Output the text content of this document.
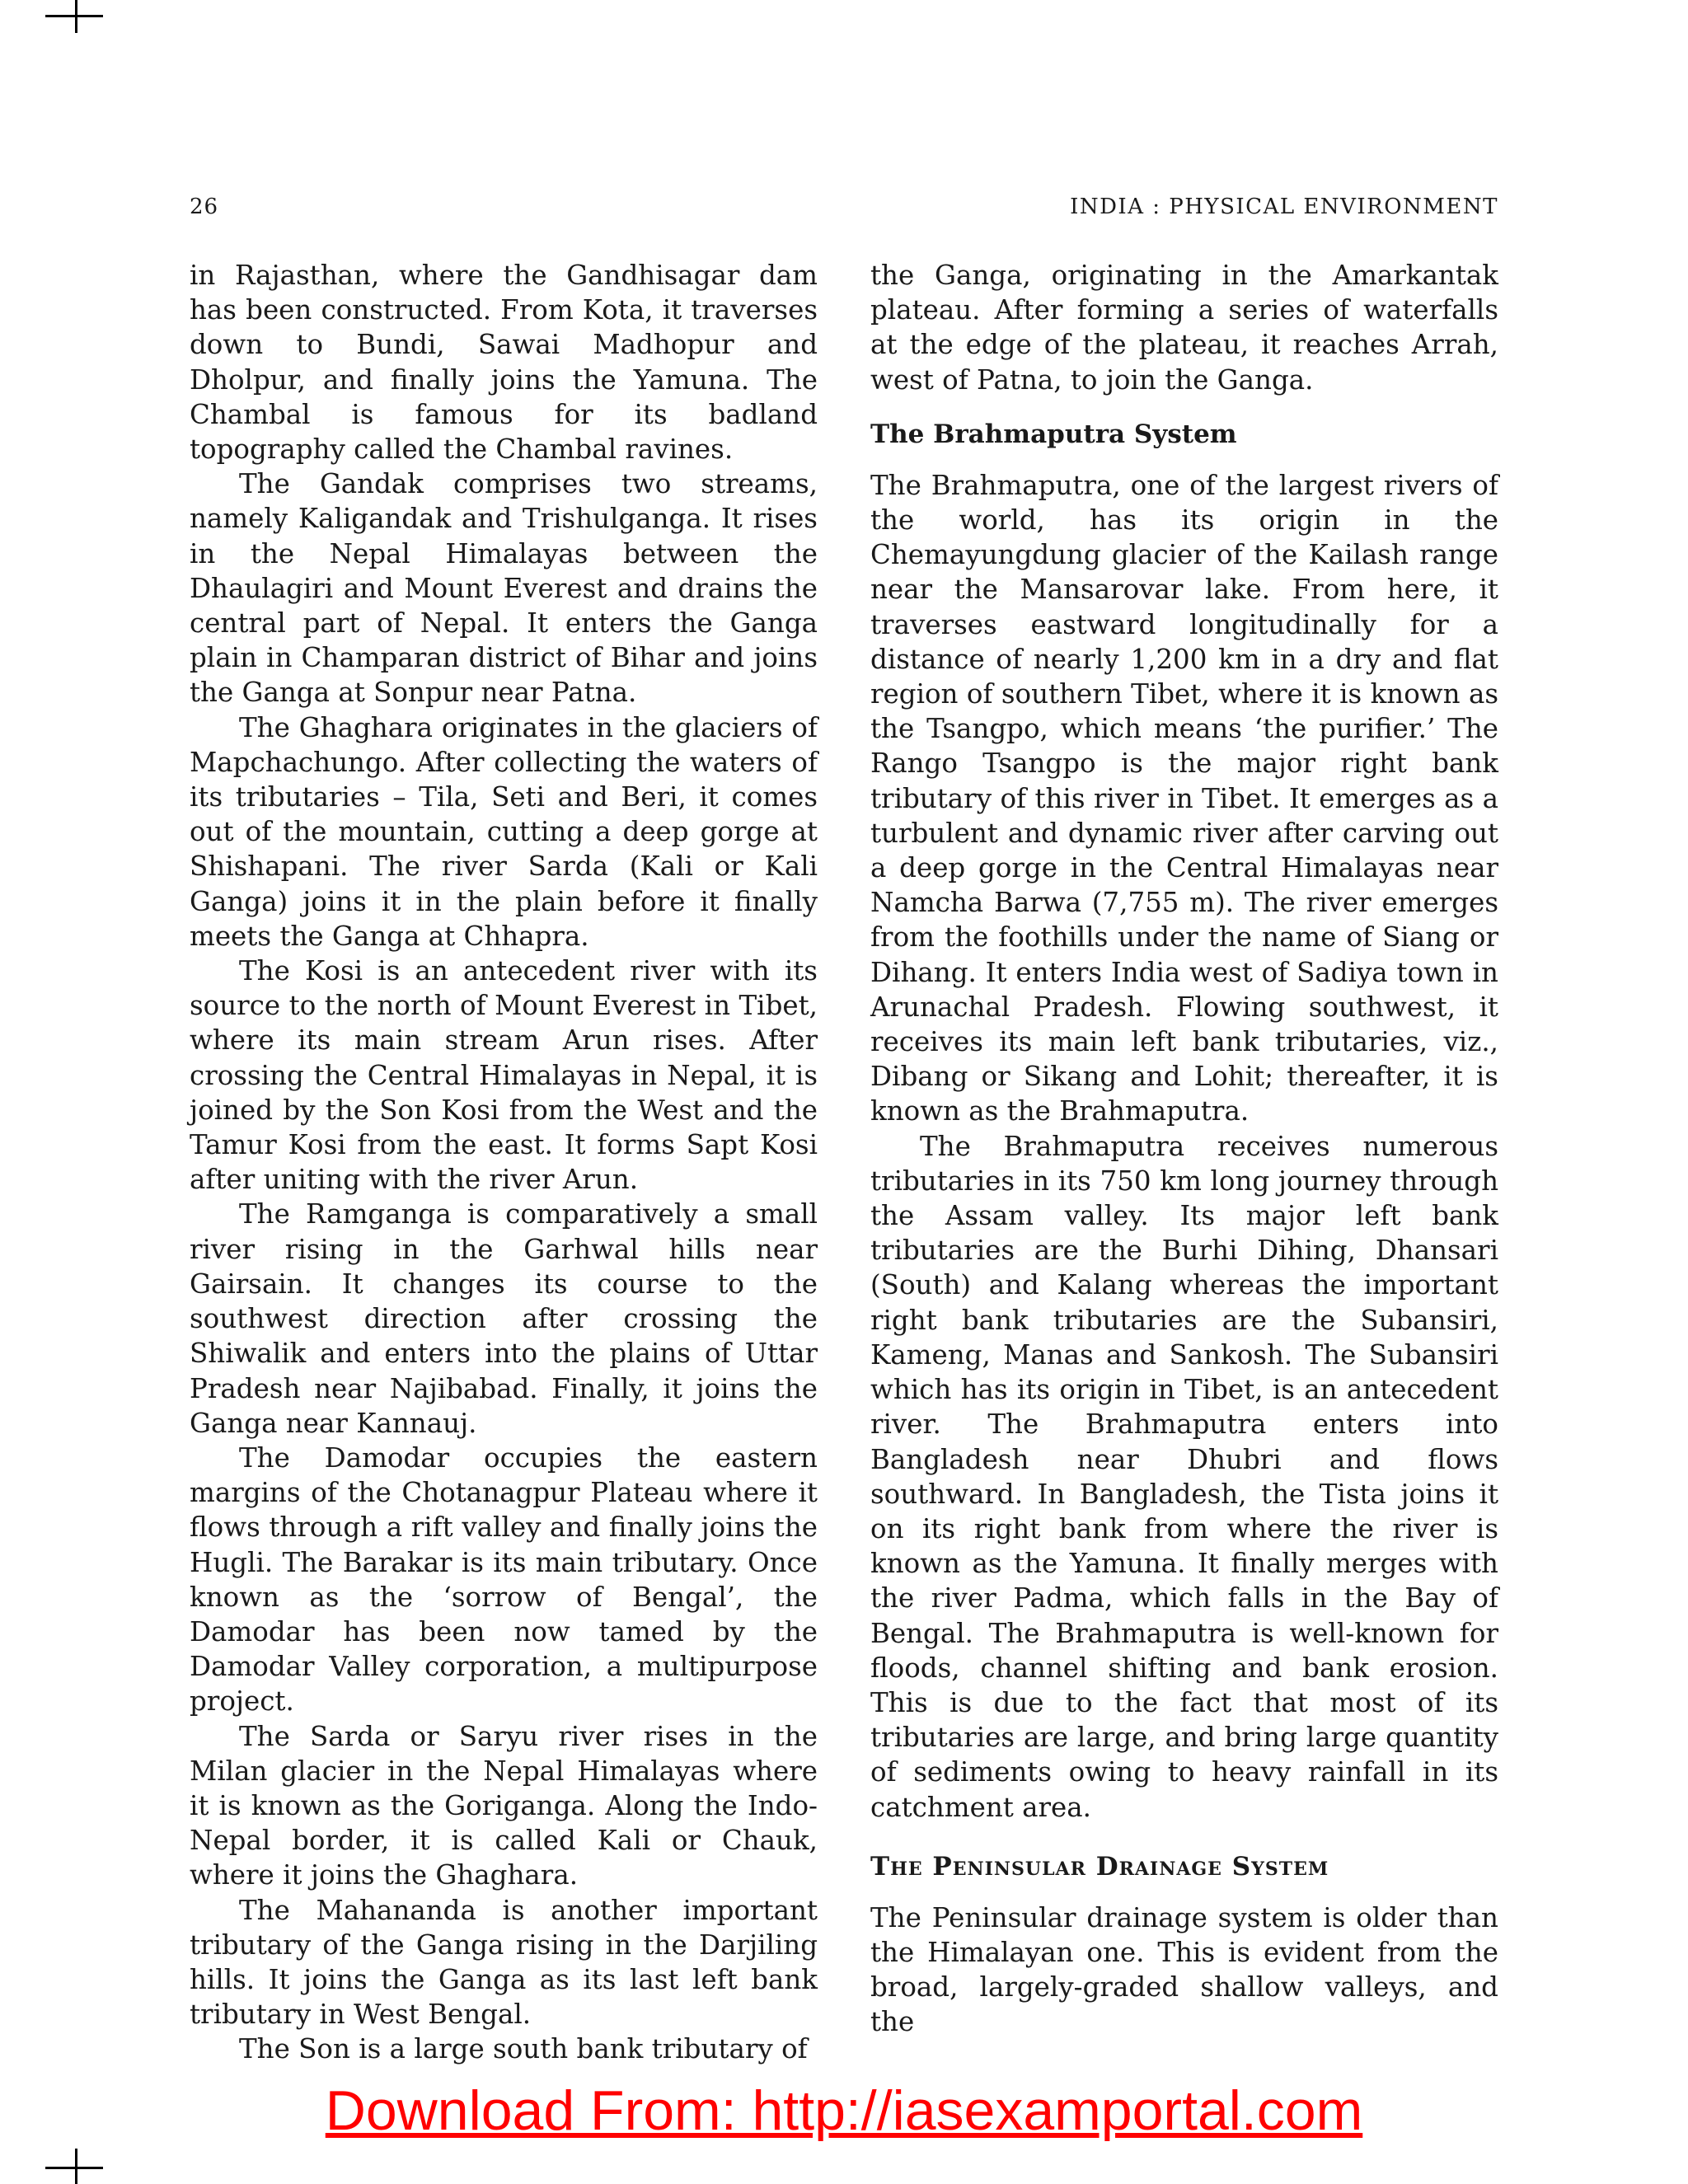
26	INDIA : PHYSICAL ENVIRONMENT

in Rajasthan, where the Gandhisagar dam has been constructed. From Kota, it traverses down to Bundi, Sawai Madhopur and Dholpur, and finally joins the Yamuna. The Chambal is famous for its badland topography called the Chambal ravines.

The Gandak comprises two streams, namely Kaligandak and Trishulganga. It rises in the Nepal Himalayas between the Dhaulagiri and Mount Everest and drains the central part of Nepal. It enters the Ganga plain in Champaran district of Bihar and joins the Ganga at Sonpur near Patna.

The Ghaghara originates in the glaciers of Mapchachungo. After collecting the waters of its tributaries – Tila, Seti and Beri, it comes out of the mountain, cutting a deep gorge at Shishapani. The river Sarda (Kali or Kali Ganga) joins it in the plain before it finally meets the Ganga at Chhapra.

The Kosi is an antecedent river with its source to the north of Mount Everest in Tibet, where its main stream Arun rises. After crossing the Central Himalayas in Nepal, it is joined by the Son Kosi from the West and the Tamur Kosi from the east. It forms Sapt Kosi after uniting with the river Arun.

The Ramganga is comparatively a small river rising in the Garhwal hills near Gairsain. It changes its course to the southwest direction after crossing the Shiwalik and enters into the plains of Uttar Pradesh near Najibabad. Finally, it joins the Ganga near Kannauj.

The Damodar occupies the eastern margins of the Chotanagpur Plateau where it flows through a rift valley and finally joins the Hugli. The Barakar is its main tributary. Once known as the ‘sorrow of Bengal’, the Damodar has been now tamed by the Damodar Valley corporation, a multipurpose project.

The Sarda or Saryu river rises in the Milan glacier in the Nepal Himalayas where it is known as the Goriganga. Along the Indo-Nepal border, it is called Kali or Chauk, where it joins the Ghaghara.

The Mahananda is another important tributary of the Ganga rising in the Darjiling hills. It joins the Ganga as its last left bank tributary in West Bengal.

The Son is a large south bank tributary of

the Ganga, originating in the Amarkantak plateau. After forming a series of waterfalls at the edge of the plateau, it reaches Arrah, west of Patna, to join the Ganga.

The Brahmaputra System

The Brahmaputra, one of the largest rivers of the world, has its origin in the Chemayungdung glacier of the Kailash range near the Mansarovar lake. From here, it traverses eastward longitudinally for a distance of nearly 1,200 km in a dry and flat region of southern Tibet, where it is known as the Tsangpo, which means ‘the purifier.’ The Rango Tsangpo is the major right bank tributary of this river in Tibet. It emerges as a turbulent and dynamic river after carving out a deep gorge in the Central Himalayas near Namcha Barwa (7,755 m). The river emerges from the foothills under the name of Siang or Dihang. It enters India west of Sadiya town in Arunachal Pradesh. Flowing southwest, it receives its main left bank tributaries, viz., Dibang or Sikang and Lohit; thereafter, it is known as the Brahmaputra.

The Brahmaputra receives numerous tributaries in its 750 km long journey through the Assam valley. Its major left bank tributaries are the Burhi Dihing, Dhansari (South) and Kalang whereas the important right bank tributaries are the Subansiri, Kameng, Manas and Sankosh. The Subansiri which has its origin in Tibet, is an antecedent river. The Brahmaputra enters into Bangladesh near Dhubri and flows southward. In Bangladesh, the Tista joins it on its right bank from where the river is known as the Yamuna. It finally merges with the river Padma, which falls in the Bay of Bengal. The Brahmaputra is well-known for floods, channel shifting and bank erosion. This is due to the fact that most of its tributaries are large, and bring large quantity of sediments owing to heavy rainfall in its catchment area.

The Peninsular Drainage System

The Peninsular drainage system is older than the Himalayan one. This is evident from the broad, largely-graded shallow valleys, and the

Download From: http://iasexamportal.com
